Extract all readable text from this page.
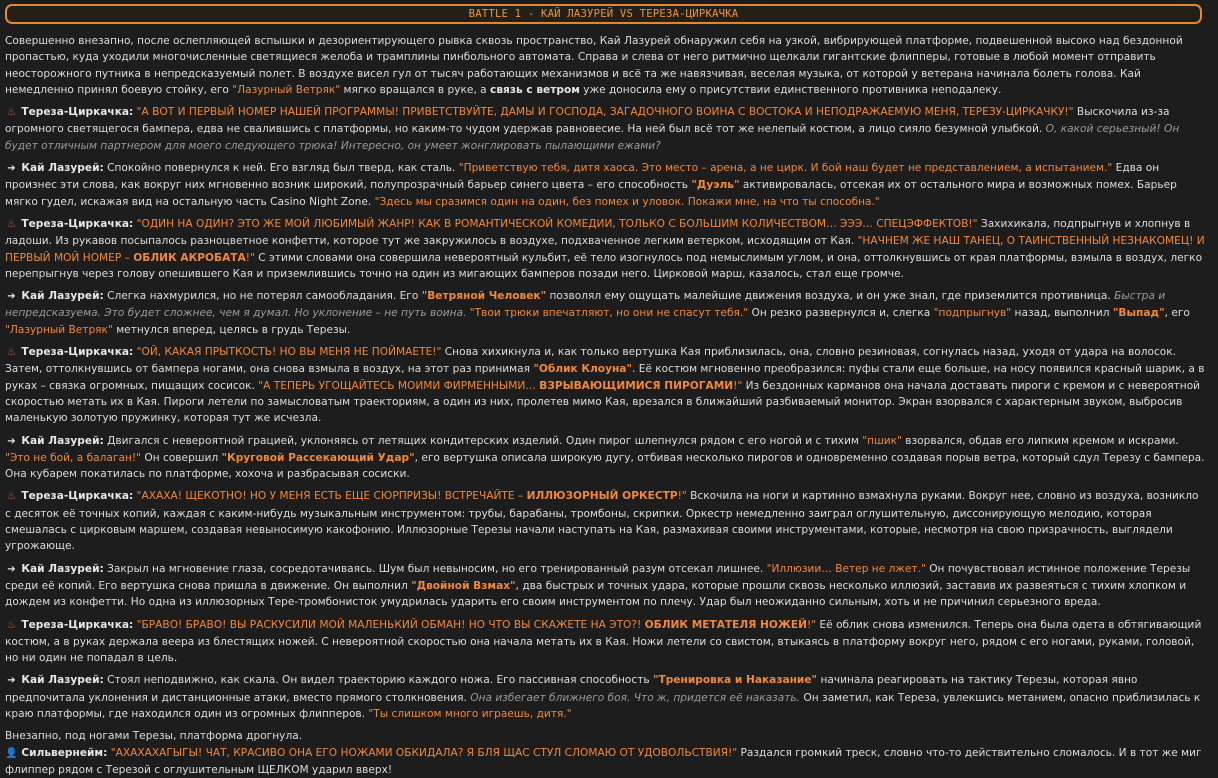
BATTLE 1 - КАЙ ЛАЗУРЕЙ VS ТЕРЕЗА-ЦИРКАЧКА

Совершенно внезапно, после ослепляющей вспышки и дезориентирующего рывка сквозь пространство, Кай Лазурей обнаружил себя на узкой, вибрирующей платформе, подвешенной высоко над бездонной пропастью, куда уходили многочисленные светящиеся желоба и трамплины пинбольного автомата. Справа и слева от него ритмично щелкали гигантские флипперы, готовые в любой момент отправить неосторожного путника в непредсказуемый полет. В воздухе висел гул от тысяч работающих механизмов и всё та же навязчивая, веселая музыка, от которой у ветерана начинала болеть голова. Кай немедленно принял боевую стойку, его "Лазурный Ветряк" мягко вращался в руке, а связь с ветром уже доносила ему о присутствии единственного противника неподалеку.

♨ Тереза-Циркачка: "А ВОТ И ПЕРВЫЙ НОМЕР НАШЕЙ ПРОГРАММЫ! ПРИВЕТСТВУЙТЕ, ДАМЫ И ГОСПОДА, ЗАГАДОЧНОГО ВОИНА С ВОСТОКА И НЕПОДРАЖАЕМУЮ МЕНЯ, ТЕРЕЗУ-ЦИРКАЧКУ!" Выскочила из-за огромного светящегося бампера, едва не свалившись с платформы, но каким-то чудом удержав равновесие. На ней был всё тот же нелепый костюм, а лицо сияло безумной улыбкой. О, какой серьезный! Он будет отличным партнером для моего следующего трюка! Интересно, он умеет жонглировать пылающими ежами?

➔ Кай Лазурей: Спокойно повернулся к ней. Его взгляд был тверд, как сталь. "Приветствую тебя, дитя хаоса. Это место – арена, а не цирк. И бой наш будет не представлением, а испытанием." Едва он произнес эти слова, как вокруг них мгновенно возник широкий, полупрозрачный барьер синего цвета – его способность "Дуэль" активировалась, отсекая их от остального мира и возможных помех. Барьер мягко гудел, искажая вид на остальную часть Casino Night Zone. "Здесь мы сразимся один на один, без помех и уловок. Покажи мне, на что ты способна."

♨ Тереза-Циркачка: "ОДИН НА ОДИН? ЭТО ЖЕ МОЙ ЛЮБИМЫЙ ЖАНР! КАК В РОМАНТИЧЕСКОЙ КОМЕДИИ, ТОЛЬКО С БОЛЬШИМ КОЛИЧЕСТВОМ… ЭЭЭ… СПЕЦЭФФЕКТОВ!" Захихикала, подпрыгнув и хлопнув в ладоши. Из рукавов посыпалось разноцветное конфетти, которое тут же закружилось в воздухе, подхваченное легким ветерком, исходящим от Кая. "НАЧНЕМ ЖЕ НАШ ТАНЕЦ, О ТАИНСТВЕННЫЙ НЕЗНАКОМЕЦ! И ПЕРВЫЙ МОЙ НОМЕР – ОБЛИК АКРОБАТА!" С этими словами она совершила невероятный кульбит, её тело изогнулось под немыслимым углом, и она, оттолкнувшись от края платформы, взмыла в воздух, легко перепрыгнув через голову опешившего Кая и приземлившись точно на один из мигающих бамперов позади него. Цирковой марш, казалось, стал еще громче.

➔ Кай Лазурей: Слегка нахмурился, но не потерял самообладания. Его "Ветряной Человек" позволял ему ощущать малейшие движения воздуха, и он уже знал, где приземлится противница. Быстра и непредсказуема. Это будет сложнее, чем я думал. Но уклонение – не путь воина. "Твои трюки впечатляют, но они не спасут тебя." Он резко развернулся и, слегка "подпрыгнув" назад, выполнил "Выпад", его "Лазурный Ветряк" метнулся вперед, целясь в грудь Терезы.

♨ Тереза-Циркачка: "ОЙ, КАКАЯ ПРЫТКОСТЬ! НО ВЫ МЕНЯ НЕ ПОЙМАЕТЕ!" Снова хихикнула и, как только вертушка Кая приблизилась, она, словно резиновая, согнулась назад, уходя от удара на волосок. Затем, оттолкнувшись от бампера ногами, она снова взмыла в воздух, на этот раз принимая "Облик Клоуна". Её костюм мгновенно преобразился: пуфы стали еще больше, на носу появился красный шарик, а в руках – связка огромных, пищащих сосисок. "А ТЕПЕРЬ УГОЩАЙТЕСЬ МОИМИ ФИРМЕННЫМИ… ВЗРЫВАЮЩИМИСЯ ПИРОГАМИ!" Из бездонных карманов она начала доставать пироги с кремом и с невероятной скоростью метать их в Кая. Пироги летели по замысловатым траекториям, а один из них, пролетев мимо Кая, врезался в ближайший разбиваемый монитор. Экран взорвался с характерным звуком, выбросив маленькую золотую пружинку, которая тут же исчезла.

➔ Кай Лазурей: Двигался с невероятной грацией, уклоняясь от летящих кондитерских изделий. Один пирог шлепнулся рядом с его ногой и с тихим "пшик" взорвался, обдав его липким кремом и искрами. "Это не бой, а балаган!" Он совершил "Круговой Рассекающий Удар", его вертушка описала широкую дугу, отбивая несколько пирогов и одновременно создавая порыв ветра, который сдул Терезу с бампера. Она кубарем покатилась по платформе, хохоча и разбрасывая сосиски.

♨ Тереза-Циркачка: "АХАХА! ЩЕКОТНО! НО У МЕНЯ ЕСТЬ ЕЩЕ СЮРПРИЗЫ! ВСТРЕЧАЙТЕ – ИЛЛЮЗОРНЫЙ ОРКЕСТР!" Вскочила на ноги и картинно взмахнула руками. Вокруг нее, словно из воздуха, возникло с десяток её точных копий, каждая с каким-нибудь музыкальным инструментом: трубы, барабаны, тромбоны, скрипки. Оркестр немедленно заиграл оглушительную, диссонирующую мелодию, которая смешалась с цирковым маршем, создавая невыносимую какофонию. Иллюзорные Терезы начали наступать на Кая, размахивая своими инструментами, которые, несмотря на свою призрачность, выглядели угрожающе.

➔ Кай Лазурей: Закрыл на мгновение глаза, сосредотачиваясь. Шум был невыносим, но его тренированный разум отсекал лишнее. "Иллюзии… Ветер не лжет." Он почувствовал истинное положение Терезы среди её копий. Его вертушка снова пришла в движение. Он выполнил "Двойной Взмах", два быстрых и точных удара, которые прошли сквозь несколько иллюзий, заставив их развеяться с тихим хлопком и дождем из конфетти. Но одна из иллюзорных Тере-тромбонисток умудрилась ударить его своим инструментом по плечу. Удар был неожиданно сильным, хоть и не причинил серьезного вреда.

♨ Тереза-Циркачка: "БРАВО! БРАВО! ВЫ РАСКУСИЛИ МОЙ МАЛЕНЬКИЙ ОБМАН! НО ЧТО ВЫ СКАЖЕТЕ НА ЭТО?! ОБЛИК МЕТАТЕЛЯ НОЖЕЙ!" Её облик снова изменился. Теперь она была одета в обтягивающий костюм, а в руках держала веера из блестящих ножей. С невероятной скоростью она начала метать их в Кая. Ножи летели со свистом, втыкаясь в платформу вокруг него, рядом с его ногами, руками, головой, но ни один не попадал в цель.

➔ Кай Лазурей: Стоял неподвижно, как скала. Он видел траекторию каждого ножа. Его пассивная способность "Тренировка и Наказание" начинала реагировать на тактику Терезы, которая явно предпочитала уклонения и дистанционные атаки, вместо прямого столкновения. Она избегает ближнего боя. Что ж, придется её наказать. Он заметил, как Тереза, увлекшись метанием, опасно приблизилась к краю платформы, где находился один из огромных флипперов. "Ты слишком много играешь, дитя."

Внезапно, под ногами Терезы, платформа дрогнула.
👤 Сильвернейм: "АХАХАХАГЫГЫ! ЧАТ, КРАСИВО ОНА ЕГО НОЖАМИ ОБКИДАЛА? Я БЛЯ ЩАС СТУЛ СЛОМАЮ ОТ УДОВОЛЬСТВИЯ!" Раздался громкий треск, словно что-то действительно сломалось. И в тот же миг флиппер рядом с Терезой с оглушительным ЩЕЛКОМ ударил вверх!
